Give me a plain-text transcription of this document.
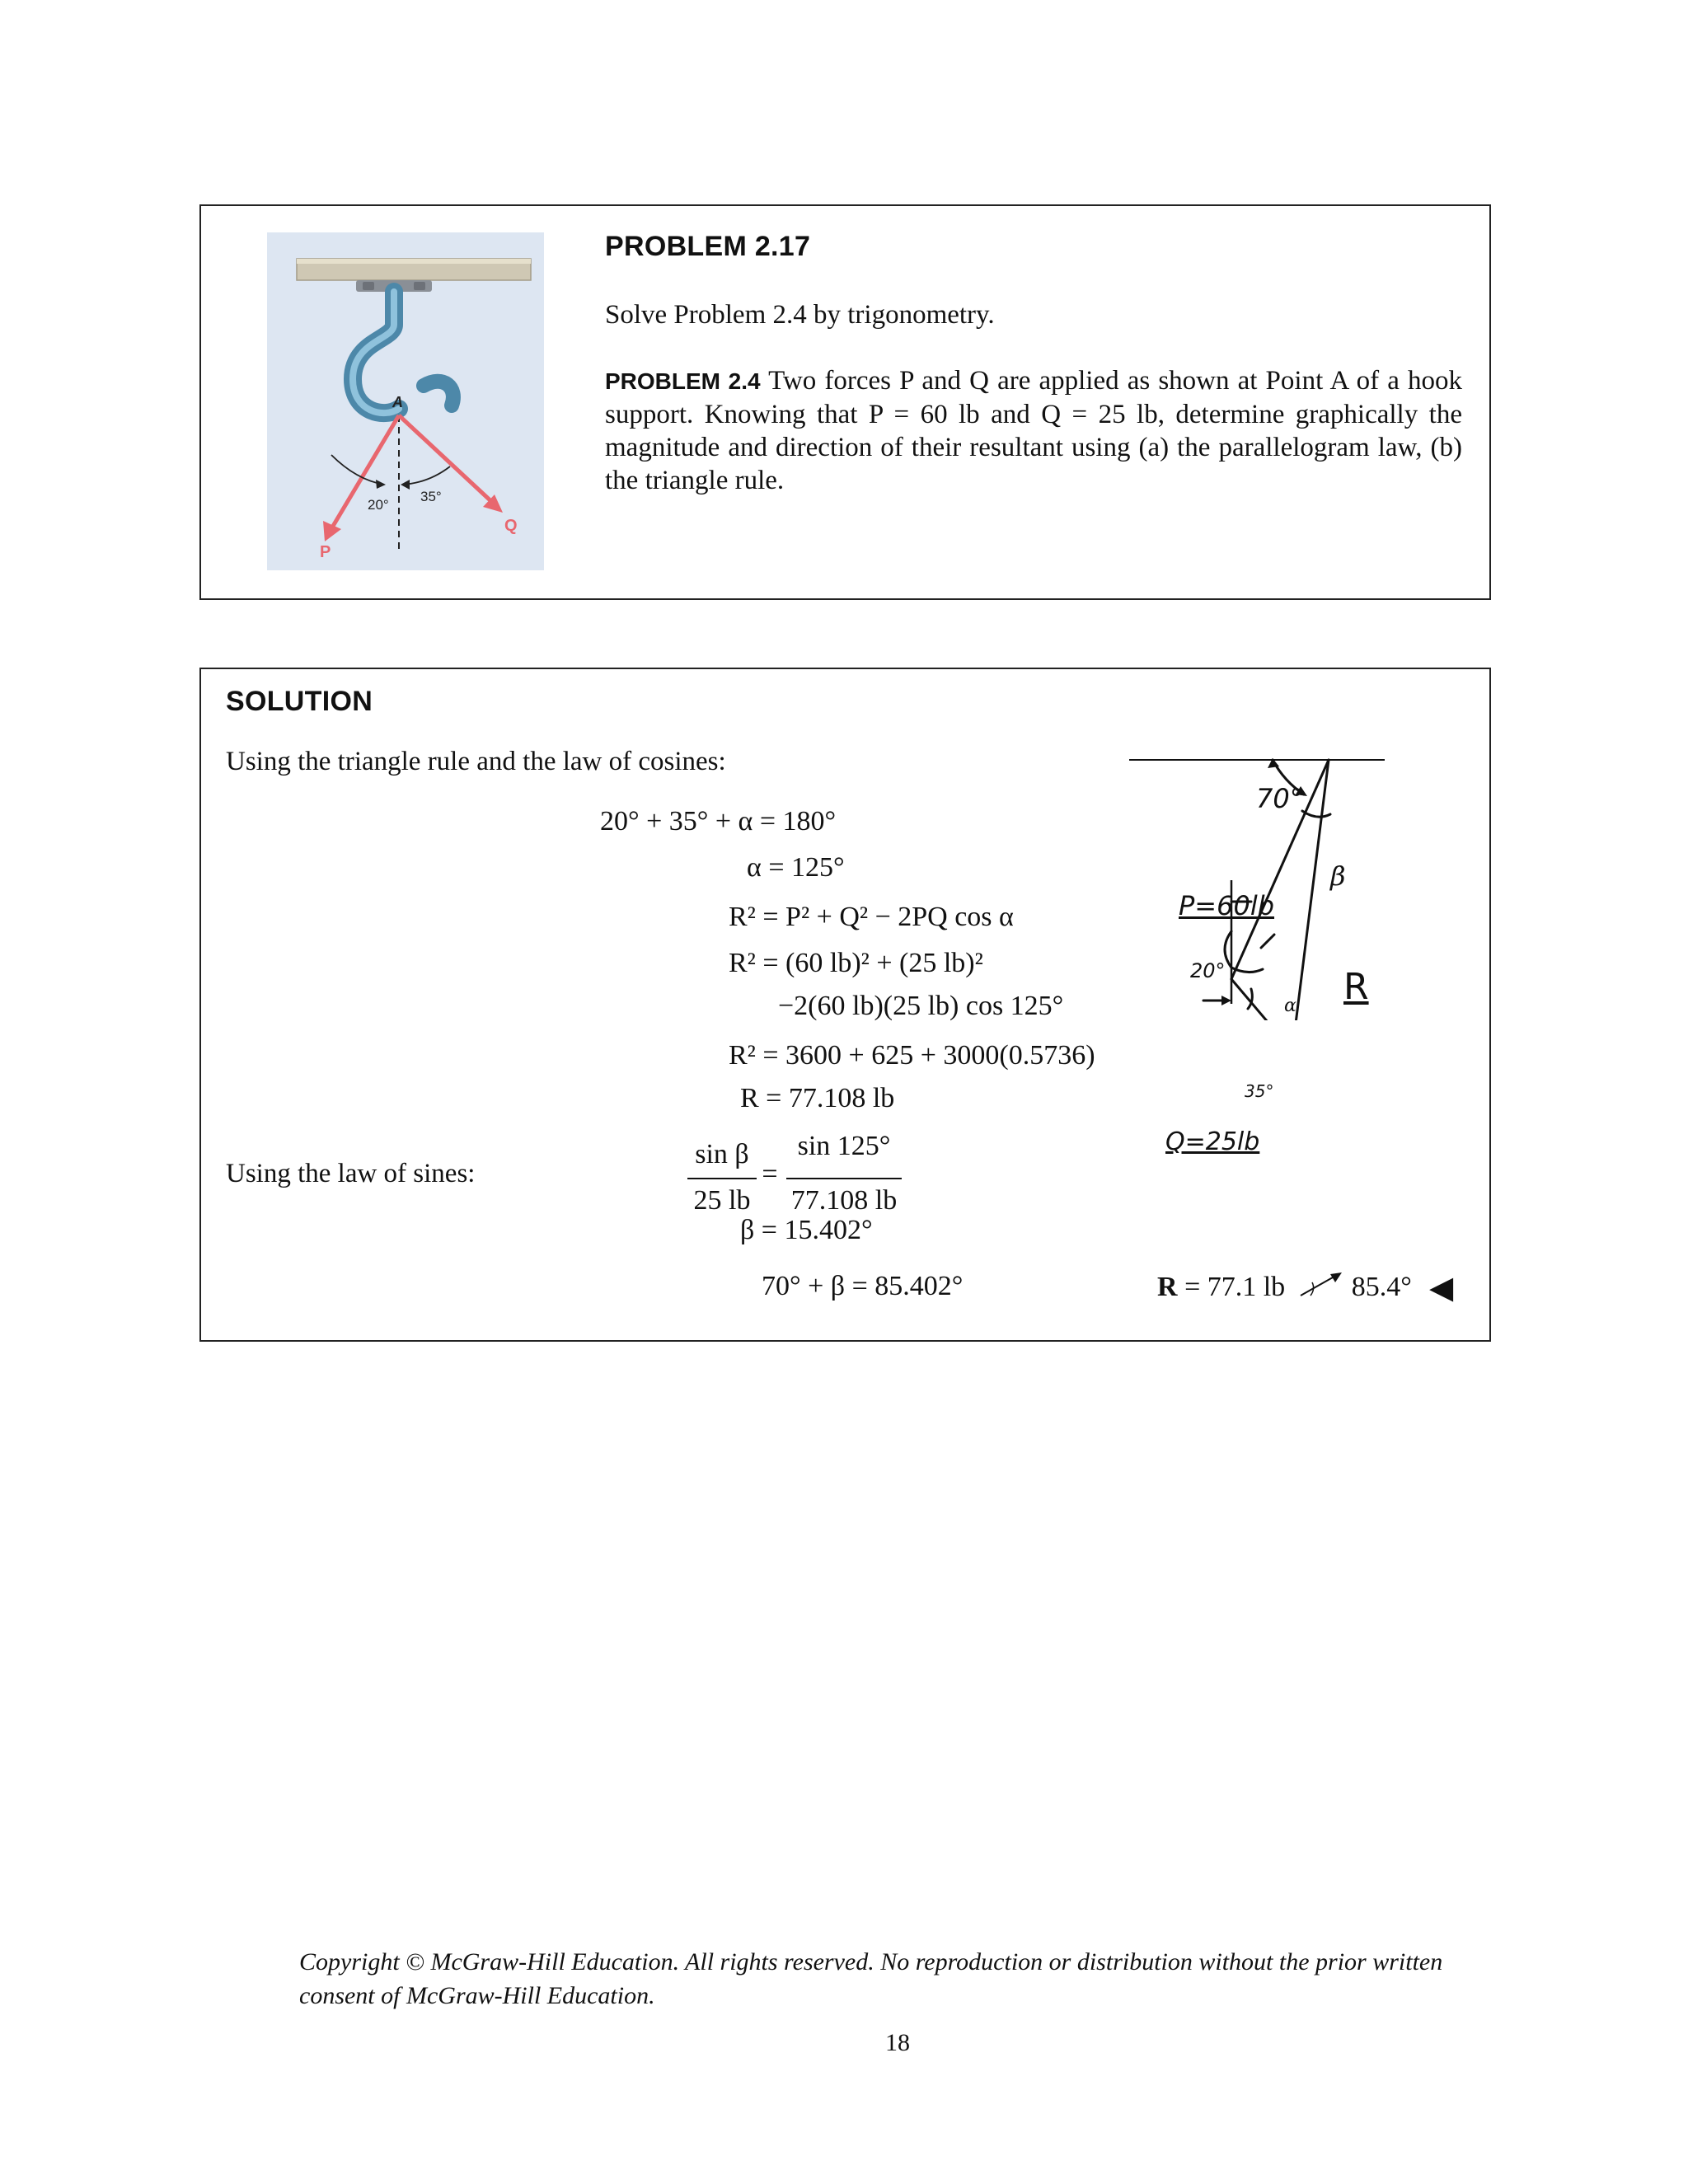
A
20°
35°
P
Q
PROBLEM 2.17
Solve Problem 2.4 by trigonometry.
PROBLEM 2.4 Two forces P and Q are applied as shown at Point A of a hook support. Knowing that P = 60 lb and Q = 25 lb, determine graphically the magnitude and direction of their resultant using (a) the parallelogram law, (b) the triangle rule.
SOLUTION
Using the triangle rule and the law of cosines:
20° + 35° + α = 180°
α = 125°
R² = P² + Q² − 2PQ cos α
R² = (60 lb)² + (25 lb)²
−2(60 lb)(25 lb) cos 125°
R² = 3600 + 625 + 3000(0.5736)
R = 77.108 lb
Using the law of sines:
sin β
25 lb
=
sin 125°
77.108 lb
β = 15.402°
70° + β = 85.402°	R = 77.1 lb 85.4° ◀
70°
β
P=60lb
20°
α R
35°
Q=25lb
Copyright © McGraw-Hill Education. All rights reserved. No reproduction or distribution without the prior written consent of McGraw-Hill Education.
18
